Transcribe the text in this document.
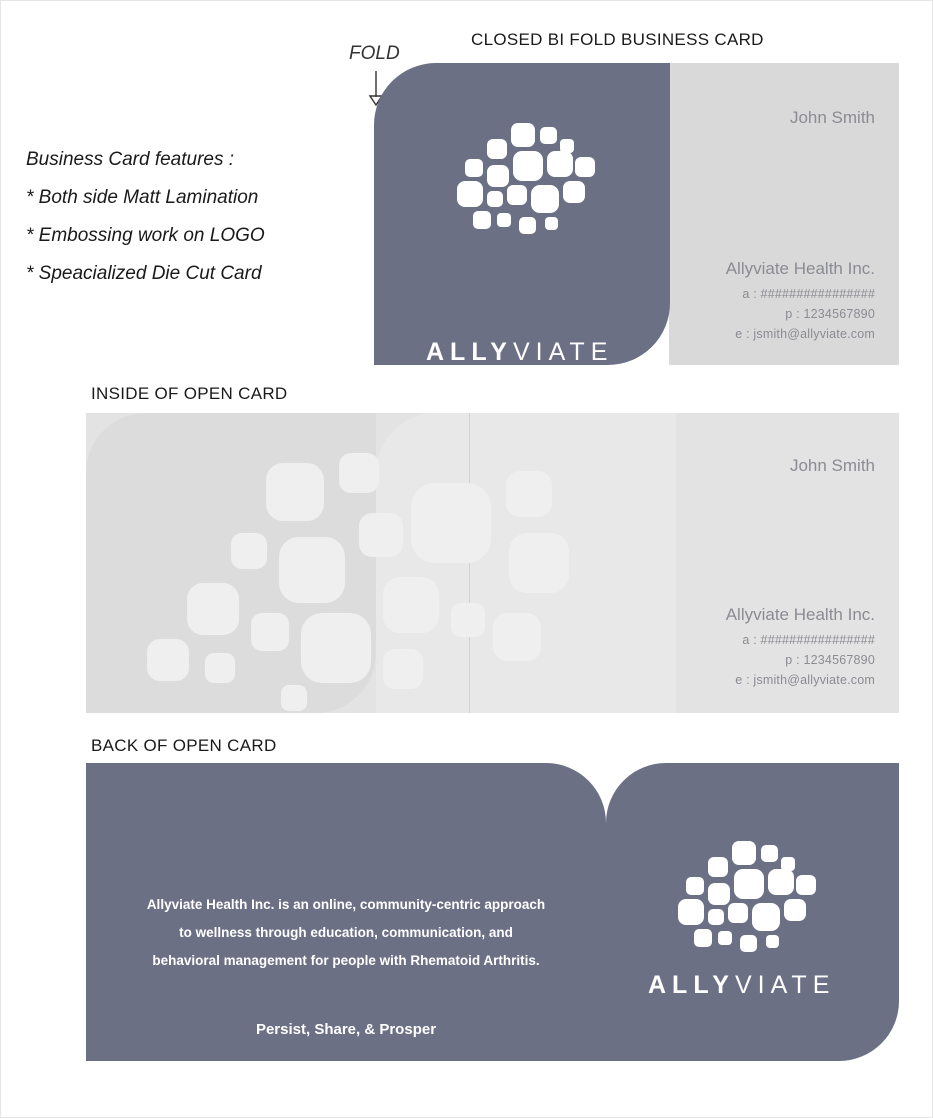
CLOSED BI FOLD BUSINESS CARD
FOLD
Business Card features :
* Both side Matt Lamination
* Embossing work on LOGO
* Speacialized Die Cut Card
John Smith
Allyviate Health Inc.
a : ################
p : 1234567890
e : jsmith@allyviate.com
ALLYVIATE
INSIDE OF OPEN CARD
John Smith
Allyviate Health Inc.
a : ################
p : 1234567890
e : jsmith@allyviate.com
BACK OF OPEN CARD
Allyviate Health Inc. is an online, community-centric approach to wellness through education, communication, and behavioral management for people with Rhematoid Arthritis.
Persist, Share, & Prosper
ALLYVIATE
